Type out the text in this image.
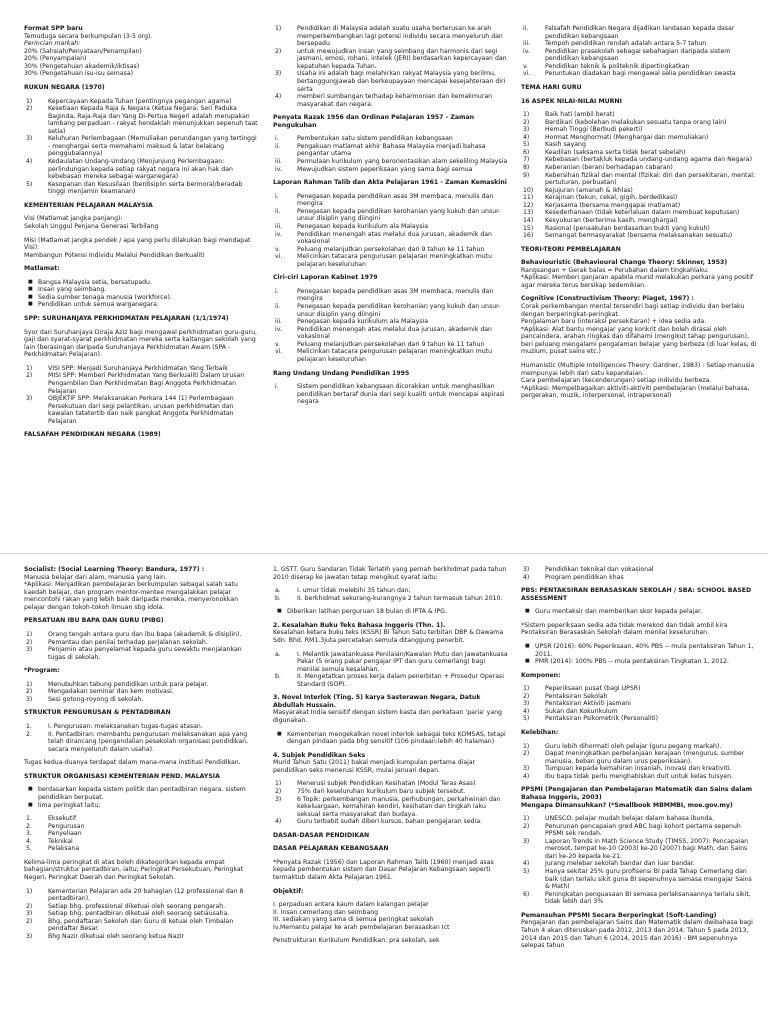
Format SPP baru
Temuduga secara berkumpulan (3-5 org).
Perincian markah:
20% (Sahsiah/Penyataan/Penampilan)
20% (Penyampaian)
30% (Pengetahuan akademik/iktisas)
30% (Pengetahuan isu-isu semasa)
RUKUN NEGARA (1970)
1)	Kepercayaan Kepada Tuhan (pentingnya pegangan agama)
2)	Kesetiaan Kepada Raja & Negara (Ketua Negara: Seri Paduka Baginda, Raja-Raja dan Yang Di-Pertua Negeri adalah merupakan lambang perpaduan - rakyat hendaklah menunjukkan sepenuh taat setia)
3)	Keluhuran Perlembagaan (Memuliakan perundangan yang tertinggi - menghargai serta memahami maksud & latar belakang penggubalannya)
4)	Kedaulatan Undang-Undang (Menjunjung Perlembagaan: perlindungan kepada setiap rakyat negara ini akan hak dan kebebasan mereka sebagai warganegara)
5)	Kesopanan dan Kesusilaan (berdisiplin serta bermoral/beradab tinggi menjamin keamanan)
KEMENTERIAN PELAJARAN MALAYSIA
Visi (Matlamat jangka panjang):
Sekolah Unggul Penjana Generasi Terbilang
Misi (Matlamat jangka pendek / apa yang perlu dilakukan bagi mendapat Visi):
Membangun Potensi Individu Melalui Pendidikan Berkualiti
Matlamat:
■ Bangsa Malaysia setia, bersatupadu.
■ Insan yang seimbang.
■ Sedia sumber tenaga manusia (workforce).
■ Pendidikan untuk semua warganegara.
SPP: SURUHANJAYA PERKHIDMATAN PELAJARAN (1/1/1974)
Syor dari Suruhanjaya Diraja Aziz bagi mengawal perkhidmatan guru-guru, gaji dan syarat-syarat perkhidmatan mereka serta kaitangan sekolah yang lain (berasingan daripada Suruhanjaya Perkhidmatan Awam (SPA - Perkhidmatan Pelajaran).
1)	VISI SPP: Menjadi Suruhanjaya Perkhidmatan Yang Terbaik
2)	MISI SPP: Memberi Perkhidmatan Yang Berkualiti Dalam Urusan Pengambilan Dan Perkhidmatan Bagi Anggota Perkhidmatan Pelajaran
3)	OBJEKTIF SPP: Melaksanakan Perkara 144 (1) Perlembagaan Persekutuan dari segi pelantikan, urusan perkhidmatan dan kawalan tatatertib dan naik pangkat Anggota Perkhidmatan Pelajaran
FALSAFAH PENDIDIKAN NEGARA (1989)
1)	Pendidikan di Malaysia adalah suatu usaha berterusan ke arah memperkembangkan lagi potensi individu secara menyeluruh dan bersepadu
2)	untuk mewujudkan insan yang seimbang dan harmonis dari segi jasmani, emosi, rohani, intelek (JERI) berdasarkan kepercayaan dan kepatuhan kepada Tuhan.
3)	Usaha ini adalah bagi melahirkan rakyat Malaysia yang berilmu, bertanggungjawab dan berkeupayaan mencapai kesejahteraan diri serta
4)	memberi sumbangan terhadap keharmonian dan kemakmuran masyarakat dan negara.
Penyata Razak 1956 dan Ordinan Pelajaran 1957 - Zaman Pengukuhan
i.	Pembentukan satu sistem pendidikan kebangsaan
ii.	Pengakuan matlamat akhir Bahasa Malaysia menjadi bahasa pengantar utama
iii.	Permulaan kurikulum yang berorientasikan alam sekeliling Malaysia
iv.	Mewujudkan sistem peperiksaan yang sama bagi semua
Laporan Rahman Talib dan Akta Pelajaran 1961 - Zaman Kemaskini
i.	Penegasan kepada pendidikan asas 3M membaca, menulis dan mengira
ii.	Penegasan kepada pendidikan kerohanian yang kukuh dan unsur-unsur disiplin yang diingini
iii.	Penegasan kepada kurikulum ala Malaysia
iv.	Pendidikan menengah atas melalui dua jurusan, akademik dan vokasional
v.	Peluang melanjutkan persekolahan dari 9 tahun ke 11 tahun
vi.	Melicinkan tatacara pengurusan pelajaran meningkatkan mutu pelajaran keseluruhan
Ciri-ciri Laporan Kabinet 1979
i.	Penegasan kepada pendidikan asas 3M membaca, menulis dan mengira
ii.	Penegasan kepada pendidikan kerohanian yang kukuh dan unsur-unsur disiplin yang diingini
iii.	Penegasan kepada kurikulum ala Malaysia
iv.	Pendidikan menengah atas melalui dua jurusan, akademik dan vokasional
v.	Peluang melanjutkan persekolahan dari 9 tahun ke 11 tahun
vi.	Melicinkan tatacara pengurusan pelajaran meningkatkan mutu pelajaran keseluruhan
Rang Undang Undang Pendidikan 1995
i.	Sistem pendidikan kebangsaan dicorakkan untuk menghasilkan pendidikan bertaraf dunia dari segi kualiti untuk mencapai aspirasi negara
ii.	Falsafah Pendidikan Negara dijadikan landasan kepada dasar pendidikan kebangsaan
iii.	Tempoh pendidikan rendah adalah antara 5-7 tahun
iv.	Pendidikan prasekolah sebagai sebahagian daripada sistem pendidikan kebangsaan
v.	Pendidikan teknik & politeknik dipertingkatkan
vi.	Peruntukan diadakan bagi mengawal selia pendidikan swasta
TEMA HARI GURU
16 ASPEK NILAI-NILAI MURNI
1)	Baik hati (ambil berat)
2)	Berdikari (kebolehan melakukan sesuatu tanpa orang lain)
3)	Hemah Tinggi (Berbudi pekerti)
4)	Hormat Menghormati (Menghargai dan memuliakan)
5)	Kasih sayang
6)	Keadilan (saksama serta tidak berat sebelah)
7)	Kebebasan (bertakluk kepada undang-undang agama dan Negara)
8)	Keberanian (berani berhadapan cabaran)
9)	Kebersihan fizikal dan mental (fizikal: diri dan persekitaran, mental: pertuturan, perbuatan)
10)	Kejujuran (amanah & ikhlas)
11)	Kerajinan (tekun, cekal, gigih, berdedikasi)
12)	Kerjasama (bersama menggapai matlamat)
13)	Kesederhanaan (tidak keterlaluan dalam membuat keputusan)
14)	Kesyukuran (berterima kasih, menghargai)
15)	Rasional (penaakulan berdasarkan bukti yang kukuh)
16)	Semangat bermasyarakat (bersama melaksanakan sesuatu)
TEORI-TEORI PEMBELAJARAN
Behaviouristic (Behavioural Change Theory: Skinner, 1953)
Rangsangan + Gerak balas = Perubahan dalam tingkahlaku.
*Aplikasi: Memberi ganjaran apabila murid melakukan perkara yang positif agar mereka terus bersikap sedemikian.
Cognitive (Constructivism Theory: Piaget, 1967) :
Corak perkembangan mental tersendiri bagi setiap individu dan berlaku dengan berperingkat-peringkat.
Pengalaman baru (interaksi persekitaran) + idea sedia ada.
*Aplikasi: Alat bantu mengajar yang konkrit dan boleh dirasai oleh pancaindera, arahan ringkas dan difahami (mengikut tahap pengurusan), beri peluang mengalami pengalaman belajar yang berbeza (di luar kelas, di muzium, pusat sains etc.)
Humanistic (Multiple Intelligences Theory: Gardner, 1983) : Setiap manusia mempunyai lebih dari satu kepandaian.
Cara pembelajaran (kecenderungan) setiap individu berbeza.
*Aplikasi: Mempelbagaikan aktiviti-aktiviti pembelajaran (melalui bahasa, pergerakan, muzik, interpersonal, intrapersonal)
Socialist: (Social Learning Theory: Bandura, 1977) :
Manusia belajar dari alam, manusia yang lain.
*Aplikasi: Menjadikan pembelajaran berkumpulan sebagai salah satu kaedah belajar, dan program mentor-mentee mengalakkan pelajar mencontohi rakan yang lebih baik daripada mereka, menyeronokkan pelajar dengan tokoh-tokoh ilmuan sbg idola.
PERSATUAN IBU BAPA DAN GURU (PIBG)
1)	Orang tengah antara guru dan ibu bapa (akademik & disiplin).
2)	Pemantau dan penilai terhadap perjalanan sekolah.
3)	Penjamin atau penyelamat kepada guru sewaktu menjalankan tugas di sekolah.
*Program:
1)	Menubuhkan tabung pendidikan untuk para pelajar.
2)	Mengadakan seminar dan kem motivasi.
3)	Sesi gotong-royong di sekolah.
STRUKTUR PENGURUSAN & PENTADBIRAN
1.	I. Pengurusan: melaksanakan tugas-tugas atasan.
2.	II. Pentadbiran: membantu pengurusan melaksanakan apa yang telah dirancang (pengendalian pesekolah organisasi pendidikan, secara menyeluruh dalam usaha).
Tugas kedua-duanya terdapat dalam mana-mana institusi Pendidikan.
STRUKTUR ORGANISASI KEMENTERIAN PEND. MALAYSIA
■ berdasarkan kepada sistem politik dan pentadbiran negara. sistem pendidikan berpusat.
■ lima peringkat laitu;
1.	Eksekutif
2.	Pengurusan
3.	Penyeliaan
4.	Teknikal
5.	Pelaksana
Kelima-lima peringkat di atas boleh dikategorikan kepada empat bahagian/struktur pentadbiran, iaitu; Peringkat Persekutuan, Peringkat Negeri, Peringkat Daerah dan Peringkat Sekolah.
1)	Kementerian Pelajaran ada 20 bahagian (12 professional dan 8 pentadbiran).
2)	Setiap bhg. professional diketuai oleh seorang pengarah.
3)	Setiap bhg. pentadbiran diketuai oleh seorang setiausaha.
2)	Bhg, pendaftaran Sekolah dan Guru di ketuai oleh Timbalan pendaftar Besar.
3)	Bhg Nazir diketuai oleh seorang ketua Nazir
1. GSTT. Guru Sandaran Tidak Terlatih yang pernah berkhidmat pada tahun 2010 diserap ke jawatan tetap mengikut syarat iaitu:
a.	I. umur tidak melebihi 35 tahun dan,
b.	II. berkhidmat sekurang-kurangnya 2 tahun termasuk tahun 2010.
■ Diberikan latihan perguruan 18 bulan di IPTA & IPG.
2. Kesalahan Buku Teks Bahasa Inggeris (Thn. 1).
Kesalahan ketara buku teks (KSSR) BI Tahun Satu terbitan DBP & Dawama Sdn. Bhd. RM1.3juta percetakan semula ditanggung penerbit.
a.	I. Melantik Jawatankuasa Penilaian/Kawalan Mutu dan Jawatankuasa Pakar (5 orang pakar pengajar IPT dan guru cemerlang) bagi menilai semula kesalahan.
b.	II. Mengetatkan proses kerja dalam penerbitan + Prosedur Operasi Standard (SOP).
3. Novel Interlok (Ting. 5) karya Sasterawan Negara, Datuk Abdullah Hussain.
Masyarakat India sensitif dengan sistem kasta dan perkataan 'paria' yang digunakan.
■ Kementerian mengekalkan novel interlok sebagai teks KOMSAS, tetapi dengan pindaan pada bhg sensitif (106 pindaan:lebih 40 halaman)
4. Subjek Pendidikan Seks
Murid Tahun Satu (2011) bakal menjadi kumpulan pertama diajar pendidikan seks menerusi KSSR, mulai Januari depan.
1)	Menerusi subjek Pendidikan Kesihatan (Modul Teras Asas)
2)	75% dari keseluruhan kurikulum baru subjek tersebut.
3)	6 Topik: perkembangan manusia, perhubungan, perkahwinan dan kekeluargaan, kemahiran kendiri, kesihatan dan tingkah laku seksual serta masyarakat dan budaya.
4)	Guru terbabit sudah diberi kursus, bahan pengajaran sedia.
DASAR-DASAR PENDIDIKAN
DASAR PELAJARAN KEBANGSAAN
*Penyata Razak (1956) dan Laporan Rahman Talib (1960) menjadi asas kepada pembentukan sistem dan Dasar Pelajaran Kebangsaan seperti termaktub dalam Akta Pelajaran 1961.
Objektif:
I. perpaduan antara kaum dalam kalangan pelajar
II. Insan cemerlang dan seimbang
III. sediakan yang sama di semua peringkat sekolah
Iv.Memantu pelajar ke arah pembelajaran berasaskan Ict
Penstrukturan Kurikulum Pendidikan: pra sekolah, sek
3)	Pendidikan teknikal dan vokasional
4)	Program pendidikan khas
PBS: PENTAKSIRAN BERASASKAN SEKOLAH / SBA: SCHOOL BASED ASSESSMENT
■ Guru mentaksir dan memberikan skor kepada pelajar.
*Sistem peperiksaan sedia ada tidak merekod dan tidak ambil kira Pentaksiran Berasaskan Sekolah dalam menilai keseluruhan.
■ UPSR (2016): 60% Peperiksaan, 40% PBS -- mula pentaksiran Tahun 1, 2011.
■ PMR (2014): 100% PBS -- mula pentaksiran Tingkatan 1, 2012.
Komponen:
1)	Peperiksaan pusat (bagi UPSR)
2)	Pentaksiran Sekolah
3)	Pentaksiran Aktiviti jasmani
4)	Sukan dan Kokurikulum
5)	Pentaksiran Psikometrik (Personaliti)
Kelebihan:
1)	Guru lebih dihormati oleh pelajar (guru pegang markah).
2)	Dapat meningkatkan perbelanjaan kerajaan (mengurus, sumber manusia, beban guru dalam urus peperiksaan).
3)	Tumpuan kepada kemahiran insaniah, inovasi dan kreativiti.
4)	Ibu bapa tidak perlu menghabiskan duit untuk kelas tuisyen.
PPSMI (Pengajaran dan Pembelajaran Matematik dan Sains dalam Bahasa Inggeris, 2003)
Mengapa Dimansuhkan? (*Smallbook MBMMBI, moe.gov.my)
1)	UNESCO: pelajar mudah belajar dalam bahasa ibunda.
2)	Penurunan pencapaian gred ABC bagi kohort pertama sepenuh PPSMI sek rendah.
3)	Laporan Trends in Math Science Study (TIMSS, 2007): Pencapaian merosot, tempat ke-10 (2003) ke-20 (2007) bagi Math, dan Sains dari ke-20 kepada ke-21.
4)	Jurang melebar sekolah bandar dan luar bandar.
5)	Hanya sekitar 25% guru profisensi BI pada Tahap Cemerlang dan baik (dan terlalu sikit guna BI sepenuhnya semasa mengajar Sains & Math)
6)	Peningkatan penguasaan BI semasa perlaksanaannya terlalu sikit, tidak lebih dari 3%
Pemansuhan PPSMI Secara Berperingkat (Soft-Landing)
Pengajaran dan pembelajaran Sains dan Matematik dalam dwibahasa bagi Tahun 4 akan diteruskan pada 2012, 2013 dan 2014; Tahun 5 pada 2013, 2014 dan 2015 dan Tahun 6 (2014, 2015 dan 2016) - BM sepenuhnya selepas tahun
